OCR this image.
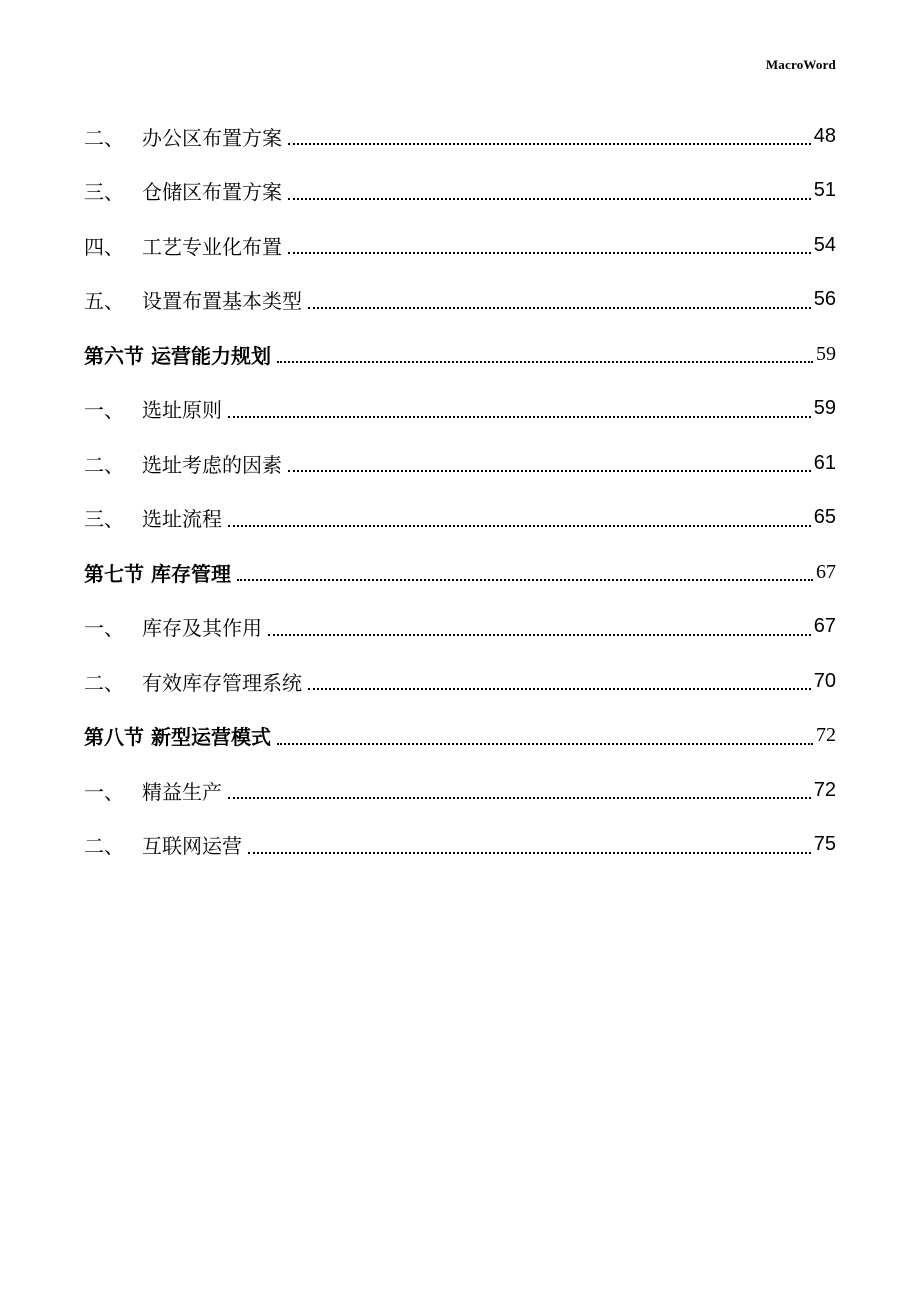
MacroWord
二、 办公区布置方案	48
三、 仓储区布置方案	51
四、 工艺专业化布置	54
五、 设置布置基本类型	56
第六节 运营能力规划	59
一、 选址原则	59
二、 选址考虑的因素	61
三、 选址流程	65
第七节 库存管理	67
一、 库存及其作用	67
二、 有效库存管理系统	70
第八节 新型运营模式	72
一、 精益生产	72
二、 互联网运营	75
